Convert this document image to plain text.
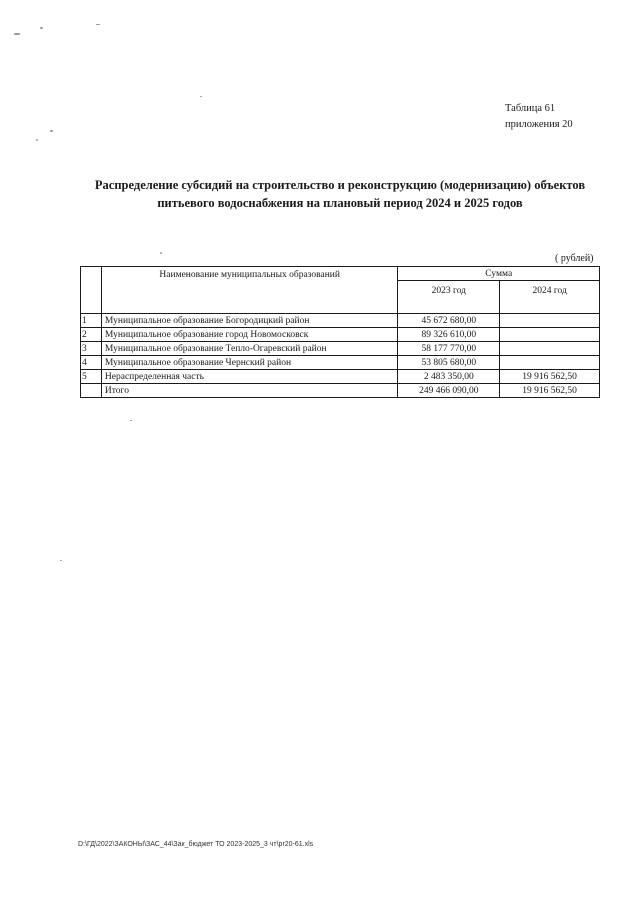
Таблица 61
приложения 20
Распределение субсидий на строительство и реконструкцию (модернизацию) объектов
питьевого водоснабжения на плановый период 2024 и 2025 годов
( рублей)
	Наименование муниципальных образований	Сумма	
		2023 год	2024 год
1	Муниципальное образование Богородицкий район	45 672 680,00	
2	Муниципальное образование город Новомосковск	89 326 610,00	
3	Муниципальное образование Тепло-Огаревский район	58 177 770,00	
4	Муниципальное образование Чернский район	53 805 680,00	
5	Нераспределенная часть	2 483 350,00	19 916 562,50
	Итого	249 466 090,00	19 916 562,50
D:\ГД\2022\ЗАКОНЫ\ЗАС_44\Зак_бюджет ТО 2023-2025_3 чт\pr20-61.xls
